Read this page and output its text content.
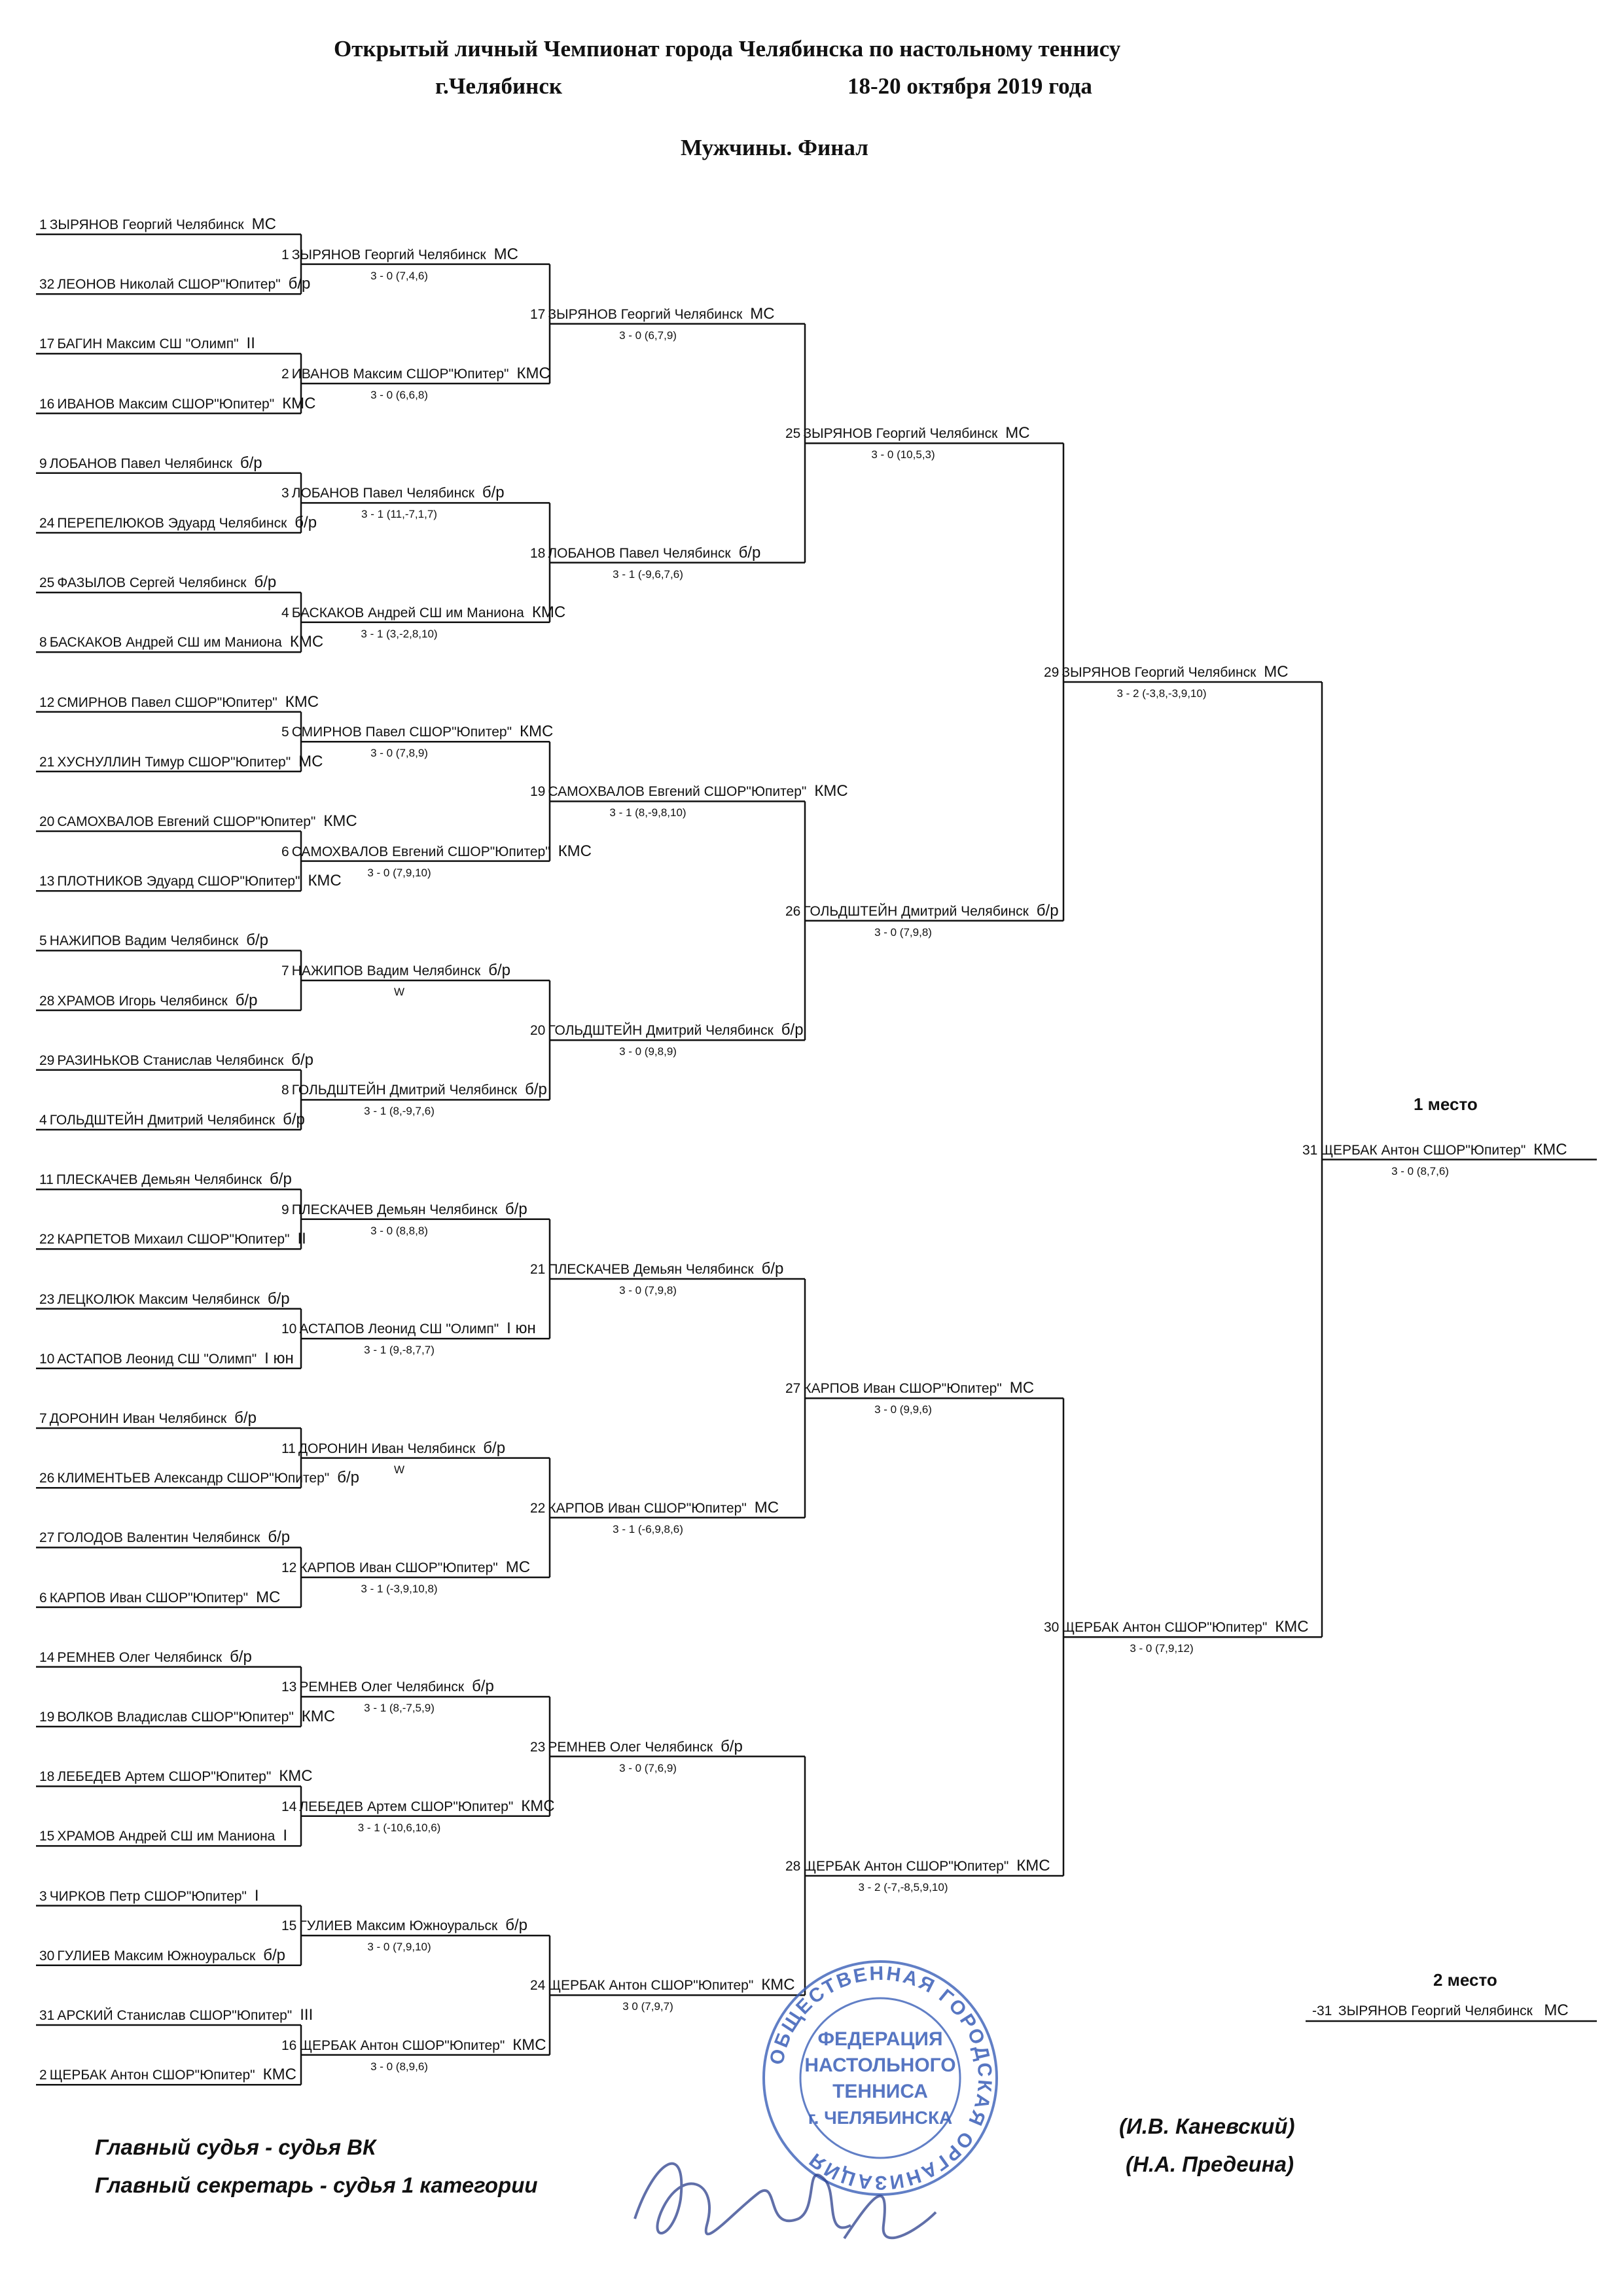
Открытый личный Чемпионат города Челябинска по настольному теннису
г.Челябинск	18-20 октября 2019 года
Мужчины. Финал
1 ЗЫРЯНОВ Георгий Челябинск МС
32 ЛЕОНОВ Николай СШОР"Юпитер" б/р
17 БАГИН Максим СШ "Олимп" II
16 ИВАНОВ Максим СШОР"Юпитер" КМС
9 ЛОБАНОВ Павел Челябинск б/р
24 ПЕРЕПЕЛЮКОВ Эдуард Челябинск б/р
25 ФАЗЫЛОВ Сергей Челябинск б/р
8 БАСКАКОВ Андрей СШ им Маниона КМС
12 СМИРНОВ Павел СШОР"Юпитер" КМС
21 ХУСНУЛЛИН Тимур СШОР"Юпитер" МС
20 САМОХВАЛОВ Евгений СШОР"Юпитер" КМС
13 ПЛОТНИКОВ Эдуард СШОР"Юпитер" КМС
5 НАЖИПОВ Вадим Челябинск б/р
28 ХРАМОВ Игорь Челябинск б/р
29 РАЗИНЬКОВ Станислав Челябинск б/р
4 ГОЛЬДШТЕЙН Дмитрий Челябинск б/р
11 ПЛЕСКАЧЕВ Демьян Челябинск б/р
22 КАРПЕТОВ Михаил СШОР"Юпитер" II
23 ЛЕЦКОЛЮК Максим Челябинск б/р
10 АСТАПОВ Леонид СШ "Олимп" I юн
7 ДОРОНИН Иван Челябинск б/р
26 КЛИМЕНТЬЕВ Александр СШОР"Юпитер" б/р
27 ГОЛОДОВ Валентин Челябинск б/р
6 КАРПОВ Иван СШОР"Юпитер" МС
14 РЕМНЕВ Олег Челябинск б/р
19 ВОЛКОВ Владислав СШОР"Юпитер" КМС
18 ЛЕБЕДЕВ Артем СШОР"Юпитер" КМС
15 ХРАМОВ Андрей СШ им Маниона I
3 ЧИРКОВ Петр СШОР"Юпитер" I
30 ГУЛИЕВ Максим Южноуральск б/р
31 АРСКИЙ Станислав СШОР"Юпитер" III
2 ЩЕРБАК Антон СШОР"Юпитер" КМС
1 ЗЫРЯНОВ Георгий Челябинск МС
3 - 0 (7,4,6)
2 ИВАНОВ Максим СШОР"Юпитер" КМС
3 - 0 (6,6,8)
3 ЛОБАНОВ Павел Челябинск б/р
3 - 1 (11,-7,1,7)
4 БАСКАКОВ Андрей СШ им Маниона КМС
3 - 1 (3,-2,8,10)
5 СМИРНОВ Павел СШОР"Юпитер" КМС
3 - 0 (7,8,9)
6 САМОХВАЛОВ Евгений СШОР"Юпитер" КМС
3 - 0 (7,9,10)
7 НАЖИПОВ Вадим Челябинск б/р
W
8 ГОЛЬДШТЕЙН Дмитрий Челябинск б/р
3 - 1 (8,-9,7,6)
9 ПЛЕСКАЧЕВ Демьян Челябинск б/р
3 - 0 (8,8,8)
10 АСТАПОВ Леонид СШ "Олимп" I юн
3 - 1 (9,-8,7,7)
11 ДОРОНИН Иван Челябинск б/р
W
12 КАРПОВ Иван СШОР"Юпитер" МС
3 - 1 (-3,9,10,8)
13 РЕМНЕВ Олег Челябинск б/р
3 - 1 (8,-7,5,9)
14 ЛЕБЕДЕВ Артем СШОР"Юпитер" КМС
3 - 1 (-10,6,10,6)
15 ГУЛИЕВ Максим Южноуральск б/р
3 - 0 (7,9,10)
16 ЩЕРБАК Антон СШОР"Юпитер" КМС
3 - 0 (8,9,6)
17 ЗЫРЯНОВ Георгий Челябинск МС
3 - 0 (6,7,9)
18 ЛОБАНОВ Павел Челябинск б/р
3 - 1 (-9,6,7,6)
19 САМОХВАЛОВ Евгений СШОР"Юпитер" КМС
3 - 1 (8,-9,8,10)
20 ГОЛЬДШТЕЙН Дмитрий Челябинск б/р
3 - 0 (9,8,9)
21 ПЛЕСКАЧЕВ Демьян Челябинск б/р
3 - 0 (7,9,8)
22 КАРПОВ Иван СШОР"Юпитер" МС
3 - 1 (-6,9,8,6)
23 РЕМНЕВ Олег Челябинск б/р
3 - 0 (7,6,9)
24 ЩЕРБАК Антон СШОР"Юпитер" КМС
3 0 (7,9,7)
25 ЗЫРЯНОВ Георгий Челябинск МС
3 - 0 (10,5,3)
26 ГОЛЬДШТЕЙН Дмитрий Челябинск б/р
3 - 0 (7,9,8)
27 КАРПОВ Иван СШОР"Юпитер" МС
3 - 0 (9,9,6)
28 ЩЕРБАК Антон СШОР"Юпитер" КМС
3 - 2 (-7,-8,5,9,10)
29 ЗЫРЯНОВ Георгий Челябинск МС
3 - 2 (-3,8,-3,9,10)
30 ЩЕРБАК Антон СШОР"Юпитер" КМС
3 - 0 (7,9,12)
31 ЩЕРБАК Антон СШОР"Юпитер" КМС
3 - 0 (8,7,6)
1 место
2 место
-31 ЗЫРЯНОВ Георгий Челябинск МС
ОБЩЕСТВЕННАЯ ГОРОДСКАЯ ОРГАНИЗАЦИЯ
ФЕДЕРАЦИЯ
НАСТОЛЬНОГО
ТЕННИСА
г. ЧЕЛЯБИНСКА
Главный судья - судья ВК
Главный секретарь - судья 1 категории
(И.В. Каневский)
(Н.А. Предеина)
